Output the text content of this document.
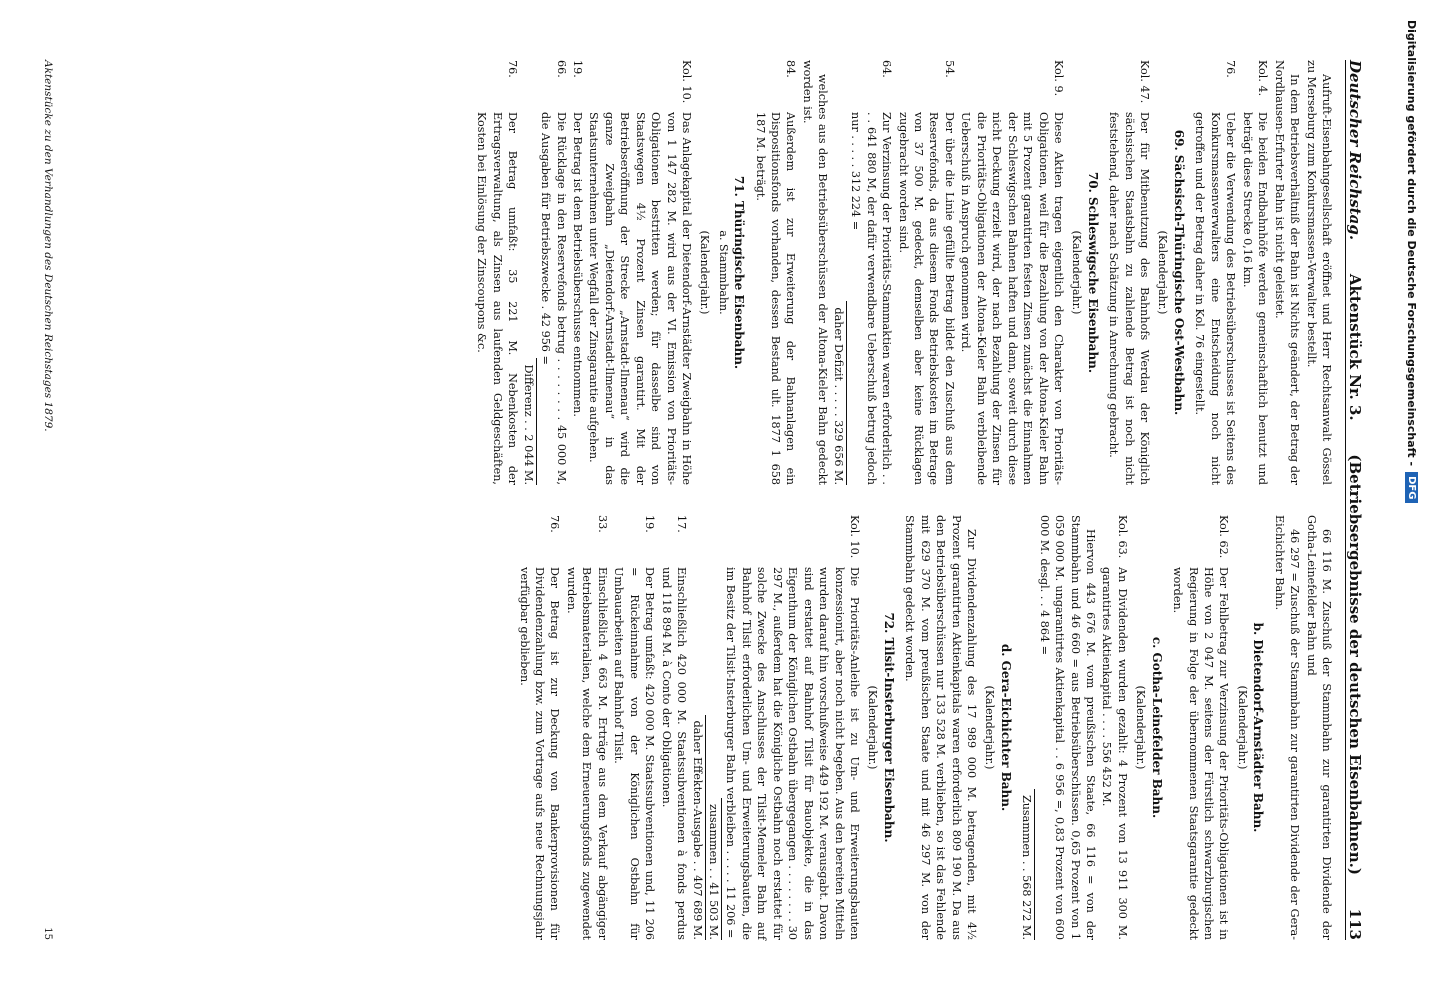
Digitalisierung gefördert durch die Deutsche Forschungsgemeinschaft -
DFG
Deutscher Reichstag.
Aktenstück Nr. 3.
(Betriebsergebnisse der deutschen Eisenbahnen.)
113

Aufruft-Eisenbahngesellschaft eröffnet und Herr Rechtsanwalt Gössel zu Merseburg zum Konkursmassen-Verwalter bestellt.

In dem Betriebsverhältniß der Bahn ist Nichts geändert, der Betrag der Nordhausen-Erfurter Bahn ist nicht geleistet.

Kol. 4.
Die beiden Endbahnhöfe werden gemeinschaftlich benutzt und beträgt diese Strecke 0,16 km.
76.
Ueber die Verwendung des Betriebsüberschusses ist Seitens des Konkursmassenverwalters eine Entscheidung noch nicht getroffen und der Betrag daher in Kol. 76 eingestellt.
69. Sächsisch-Thüringische Ost-Westbahn.
(Kalenderjahr.)
Kol. 47.
Der für Mitbenutzung des Bahnhofs Werdau der Königlich sächsischen Staatsbahn zu zahlende Betrag ist noch nicht feststehend, daher nach Schätzung in Anrechnung gebracht.
70. Schleswigsche Eisenbahn.
(Kalenderjahr.)
Kol. 9.
Diese Aktien tragen eigentlich den Charakter von Prioritäts-Obligationen, weil für die Bezahlung von der Altona-Kieler Bahn mit 5 Prozent garantirten festen Zinsen zunächst die Einnahmen der Schleswigschen Bahnen haften und dann, soweit durch diese nicht Deckung erzielt wird, der nach Bezahlung der Zinsen für die Prioritäts-Obligationen der Altona-Kieler Bahn verbleibende Ueberschuß in Anspruch genommen wird.
54.
Der über die Linie gefüllte Betrag bildet den Zuschuß aus dem Reservefonds, da aus diesem Fonds Betriebskosten im Betrage von 37 500 M. gedeckt, demselben aber keine Rücklagen zugebracht worden sind.
64.
Zur Verzinsung der Prioritäts-Stammaktien waren erforderlich . . . . 641 880 M, der dafür verwendbare Ueberschuß betrug jedoch nur . . . . . 312 224 =
daher Defizit . . . . . 329 656 M.

welches aus den Betriebsüberschüssen der Altona-Kieler Bahn gedeckt worden ist.

84.
Außerdem ist zur Erweiterung der Bahnanlagen ein Dispositionsfonds vorhanden, dessen Bestand ult. 1877 1 658 187 M. beträgt.
71. Thüringische Eisenbahn.
a. Stammbahn.
(Kalenderjahr.)
Kol. 10.
Das Anlagekapital der Dietendorf-Arnstädter Zweigbahn in Höhe von 1 147 282 M. wird aus der VI. Emission von Prioritäts-Obligationen bestritten werden; für dasselbe sind von Staatswegen 4½ Prozent Zinsen garantirt. Mit der Betriebseröffnung der Strecke „Arnstadt-Ilmenau“ wird die ganze Zweigbahn „Dietendorf-Arnstadt-Ilmenau“ in das Staatsunternehmen unter Wegfall der Zinsgarantie aufgehen.
19.
Der Betrag ist dem Betriebsüberschusse entnommen.
66.
Die Rücklage in den Reservefonds betrug . . . . . . . . 45 000 M, die Ausgaben für Betriebszwecke . 42 956 =
Differenz . . 2 044 M.
76.
Der Betrag umfaßt: 35 221 M. Nebenkosten der Ertragsverwaltung, als Zinsen aus laufenden Geldgeschäften, Kosten bei Einlösung der Zinscoupons &c.

66 116 M. Zuschuß der Stammbahn zur garantirten Dividende der Gotha-Leinefelder Bahn und

46 297 = Zuschuß der Stammbahn zur garantirten Dividende der Gera-Eichichter Bahn.

b. Dietendorf-Arnstädter Bahn.
(Kalenderjahr.)
Kol. 62.
Der Fehlbetrag zur Verzinsung der Prioritäts-Obligationen ist in Höhe von 2 047 M. seitens der Fürstlich schwarzburgischen Regierung in Folge der übernommenen Staatsgarantie gedeckt worden.
c. Gotha-Leinefelder Bahn.
(Kalenderjahr.)
Kol. 63.
An Dividenden wurden gezahlt: 4 Prozent von 13 911 300 M. garantirtes Aktienkapital . . . . 556 452 M.

Hiervon 443 676 M. vom preußischen Staate, 66 116 = von der Stammbahn und 46 660 = aus Betriebsüberschüssen. 0,65 Prozent von 1 059 000 M. ungarantirtes Aktienkapital . . 6 956 =, 0,83 Prozent von 600 000 M. desgl. . . 4 864 =

Zusammen . . 568 272 M.
d. Gera-Eichichter Bahn.
(Kalenderjahr.)

Zur Dividendenzahlung des 17 989 000 M. betragenden, mit 4½ Prozent garantirten Aktienkapitals waren erforderlich 809 190 M. Da aus den Betriebsüberschüssen nur 133 528 M. verblieben, so ist das Fehlende mit 629 370 M. vom preußischen Staate und mit 46 297 M. von der Stammbahn gedeckt worden.

72. Tilsit-Insterburger Eisenbahn.
(Kalenderjahr.)
Kol. 10.
Die Prioritäts-Anleihe ist zu Um- und Erweiterungsbauten konzessionirt, aber noch nicht begeben. Aus den bereiten Mitteln wurden darauf hin vorschußweise 449 192 M. verausgabt. Davon sind erstattet auf Bahnhof Tilsit für Bauobjekte, die in das Eigenthum der Königlichen Ostbahn übergegangen . . . . . . . . 30 297 M., außerdem hat die Königliche Ostbahn noch erstattet für solche Zwecke des Anschlusses der Tilsit-Memeler Bahn auf Bahnhof Tilsit erforderlichen Um- und Erweiterungsbauten, die im Besitz der Tilsit-Insterburger Bahn verbleiben . . . . . 11 206 =
zusammen . . 41 503 M.
daher Effekten-Ausgabe . . 407 689 M.
17.
Einschließlich 420 000 M. Staatssubventionen à fonds perdus und 118 894 M. à Conto der Obligationen.
19.
Der Betrag umfaßt: 420 000 M. Staatssubventionen und, 11 206 = Rückeinnahme von der Königlichen Ostbahn für Umbauarbeiten auf Bahnhof Tilsit.
33.
Einschließlich 4 663 M. Erträge aus dem Verkauf abgängiger Betriebsmaterialien, welche dem Erneuerungsfonds zugewendet wurden.
76.
Der Betrag ist zur Deckung von Bankerprovisionen für Dividendenzahlung bzw. zum Vortrage aufs neue Rechnungsjahr verfügbar geblieben.
Aktenstücke zu den Verhandlungen des Deutschen Reichstages 1879.
15
